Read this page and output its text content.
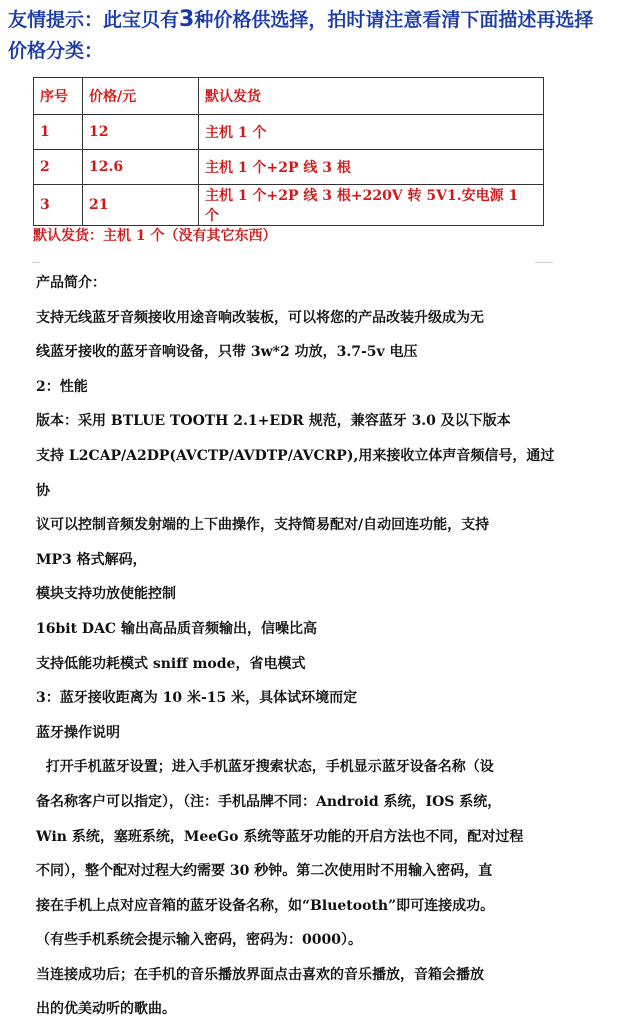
友情提示：此宝贝有3种价格供选择，拍时请注意看清下面描述再选择价格分类：
序号	价格/元	默认发货
1	12	主机 1 个
2	12.6	主机 1 个+2P 线 3 根
3	21	主机 1 个+2P 线 3 根+220V 转 5V1.安电源 1 个
默认发货：主机 1 个（没有其它东西）

产品简介：

支持无线蓝牙音频接收用途音响改装板，可以将您的产品改装升级成为无

线蓝牙接收的蓝牙音响设备，只带 3w*2 功放，3.7-5v 电压

2：性能

版本：采用 BTLUE TOOTH 2.1+EDR 规范，兼容蓝牙 3.0 及以下版本

支持 L2CAP/A2DP(AVCTP/AVDTP/AVCRP),用来接收立体声音频信号，通过协

议可以控制音频发射端的上下曲操作，支持简易配对/自动回连功能，支持

MP3 格式解码，

模块支持功放使能控制

16bit DAC 输出高品质音频输出，信噪比高

支持低能功耗模式 sniff mode，省电模式

3：蓝牙接收距离为 10 米-15 米，具体试环境而定

蓝牙操作说明

打开手机蓝牙设置；进入手机蓝牙搜索状态，手机显示蓝牙设备名称（设

备名称客户可以指定），（注：手机品牌不同：Android 系统，IOS 系统，

Win 系统，塞班系统，MeeGo 系统等蓝牙功能的开启方法也不同，配对过程

不同），整个配对过程大约需要 30 秒钟。第二次使用时不用输入密码，直

接在手机上点对应音箱的蓝牙设备名称，如“Bluetooth”即可连接成功。

（有些手机系统会提示输入密码，密码为：0000）。

当连接成功后；在手机的音乐播放界面点击喜欢的音乐播放，音箱会播放

出的优美动听的歌曲。
